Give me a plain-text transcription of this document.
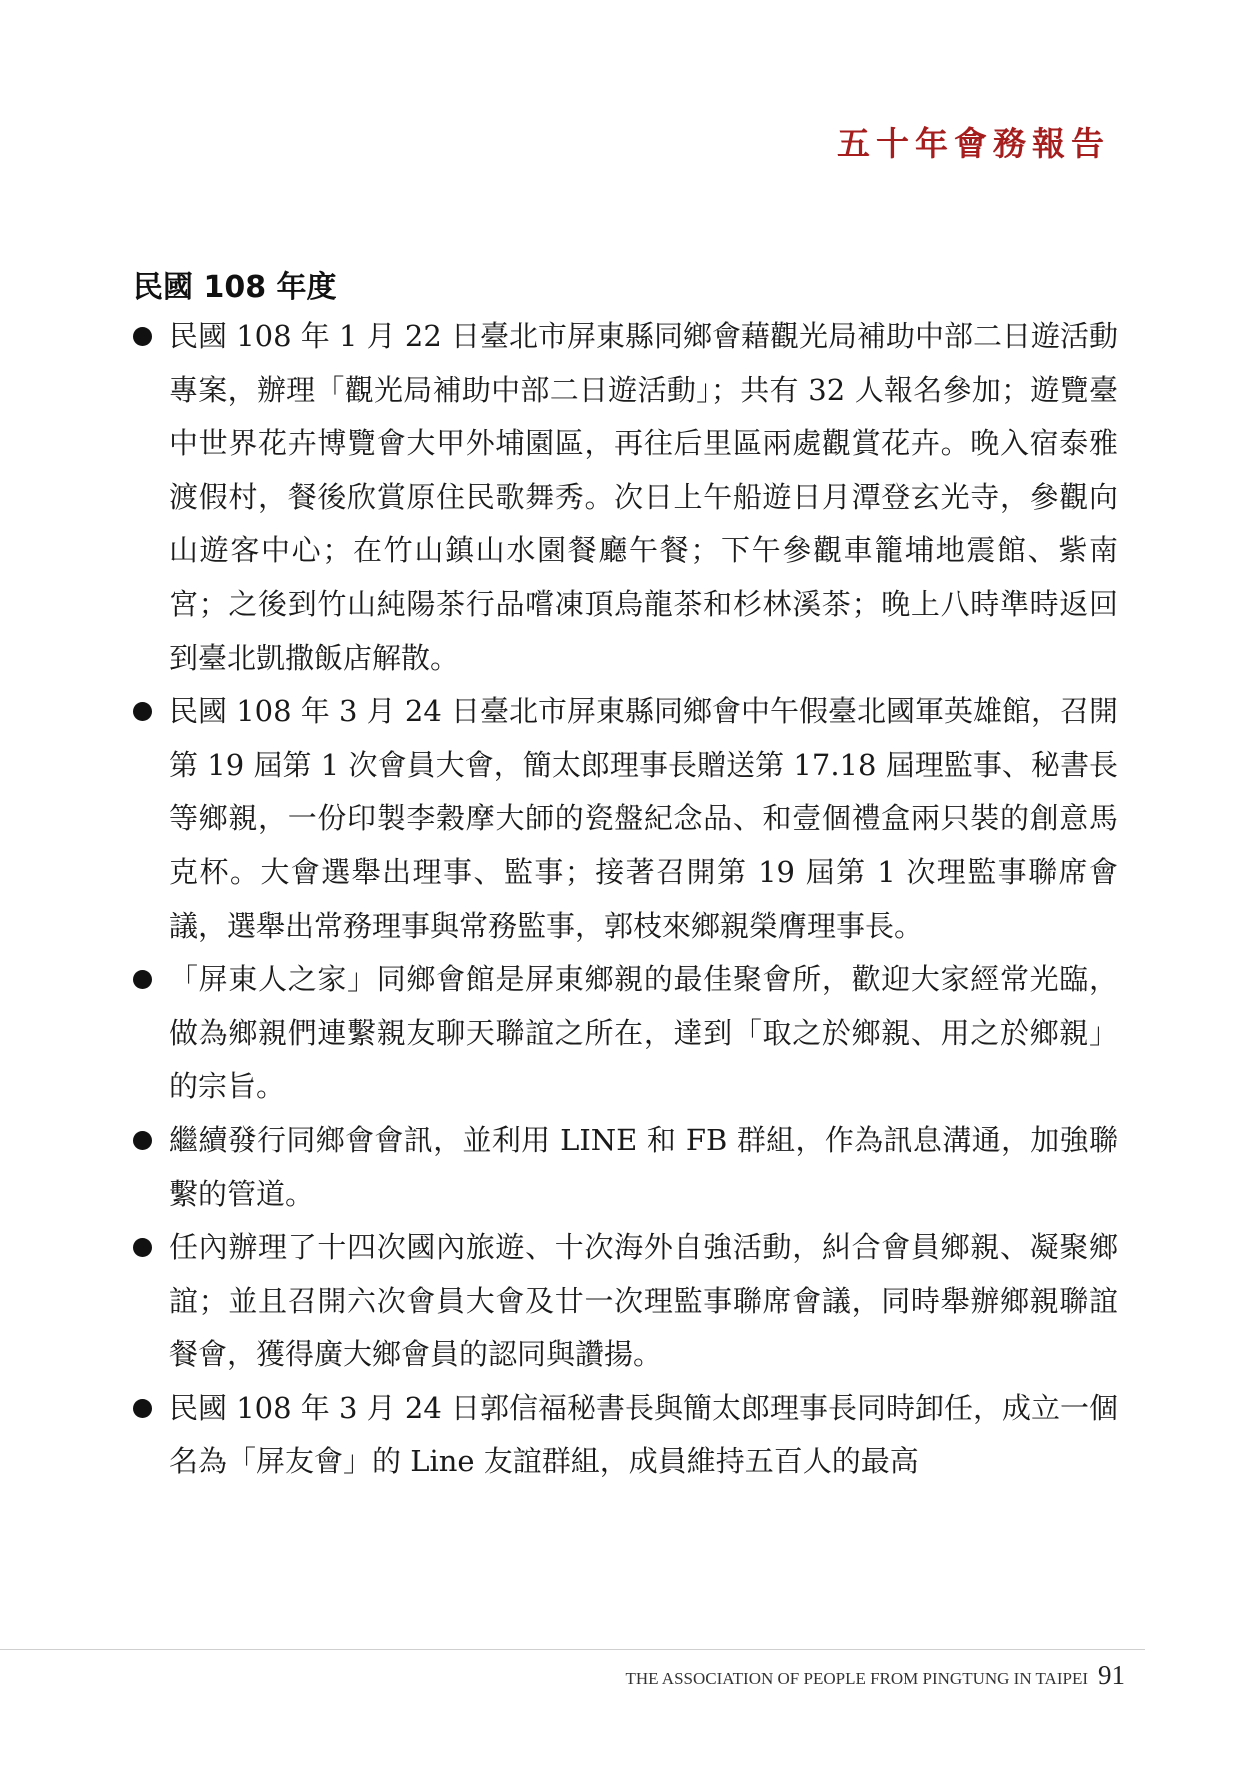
五十年會務報告
民國 108 年度
民國 108 年 1 月 22 日臺北市屏東縣同鄉會藉觀光局補助中部二日遊活動專案，辦理「觀光局補助中部二日遊活動」；共有 32 人報名參加；遊覽臺中世界花卉博覽會大甲外埔園區，再往后里區兩處觀賞花卉。晚入宿泰雅渡假村，餐後欣賞原住民歌舞秀。次日上午船遊日月潭登玄光寺，參觀向山遊客中心；在竹山鎮山水園餐廳午餐；下午參觀車籠埔地震館、紫南宮；之後到竹山純陽茶行品嚐凍頂烏龍茶和杉林溪茶；晚上八時準時返回到臺北凱撒飯店解散。
民國 108 年 3 月 24 日臺北市屏東縣同鄉會中午假臺北國軍英雄館，召開第 19 屆第 1 次會員大會，簡太郎理事長贈送第 17.18 屆理監事、秘書長等鄉親，一份印製李穀摩大師的瓷盤紀念品、和壹個禮盒兩只裝的創意馬克杯。大會選舉出理事、監事；接著召開第 19 屆第 1 次理監事聯席會議，選舉出常務理事與常務監事，郭枝來鄉親榮膺理事長。
「屏東人之家」同鄉會館是屏東鄉親的最佳聚會所，歡迎大家經常光臨，做為鄉親們連繫親友聊天聯誼之所在，達到「取之於鄉親、用之於鄉親」的宗旨。
繼續發行同鄉會會訊，並利用 LINE 和 FB 群組，作為訊息溝通，加強聯繫的管道。
任內辦理了十四次國內旅遊、十次海外自強活動，糾合會員鄉親、凝聚鄉誼；並且召開六次會員大會及廿一次理監事聯席會議，同時舉辦鄉親聯誼餐會，獲得廣大鄉會員的認同與讚揚。
民國 108 年 3 月 24 日郭信福秘書長與簡太郎理事長同時卸任，成立一個名為「屏友會」的 Line 友誼群組，成員維持五百人的最高
THE ASSOCIATION OF PEOPLE FROM PINGTUNG IN TAIPEI 91
